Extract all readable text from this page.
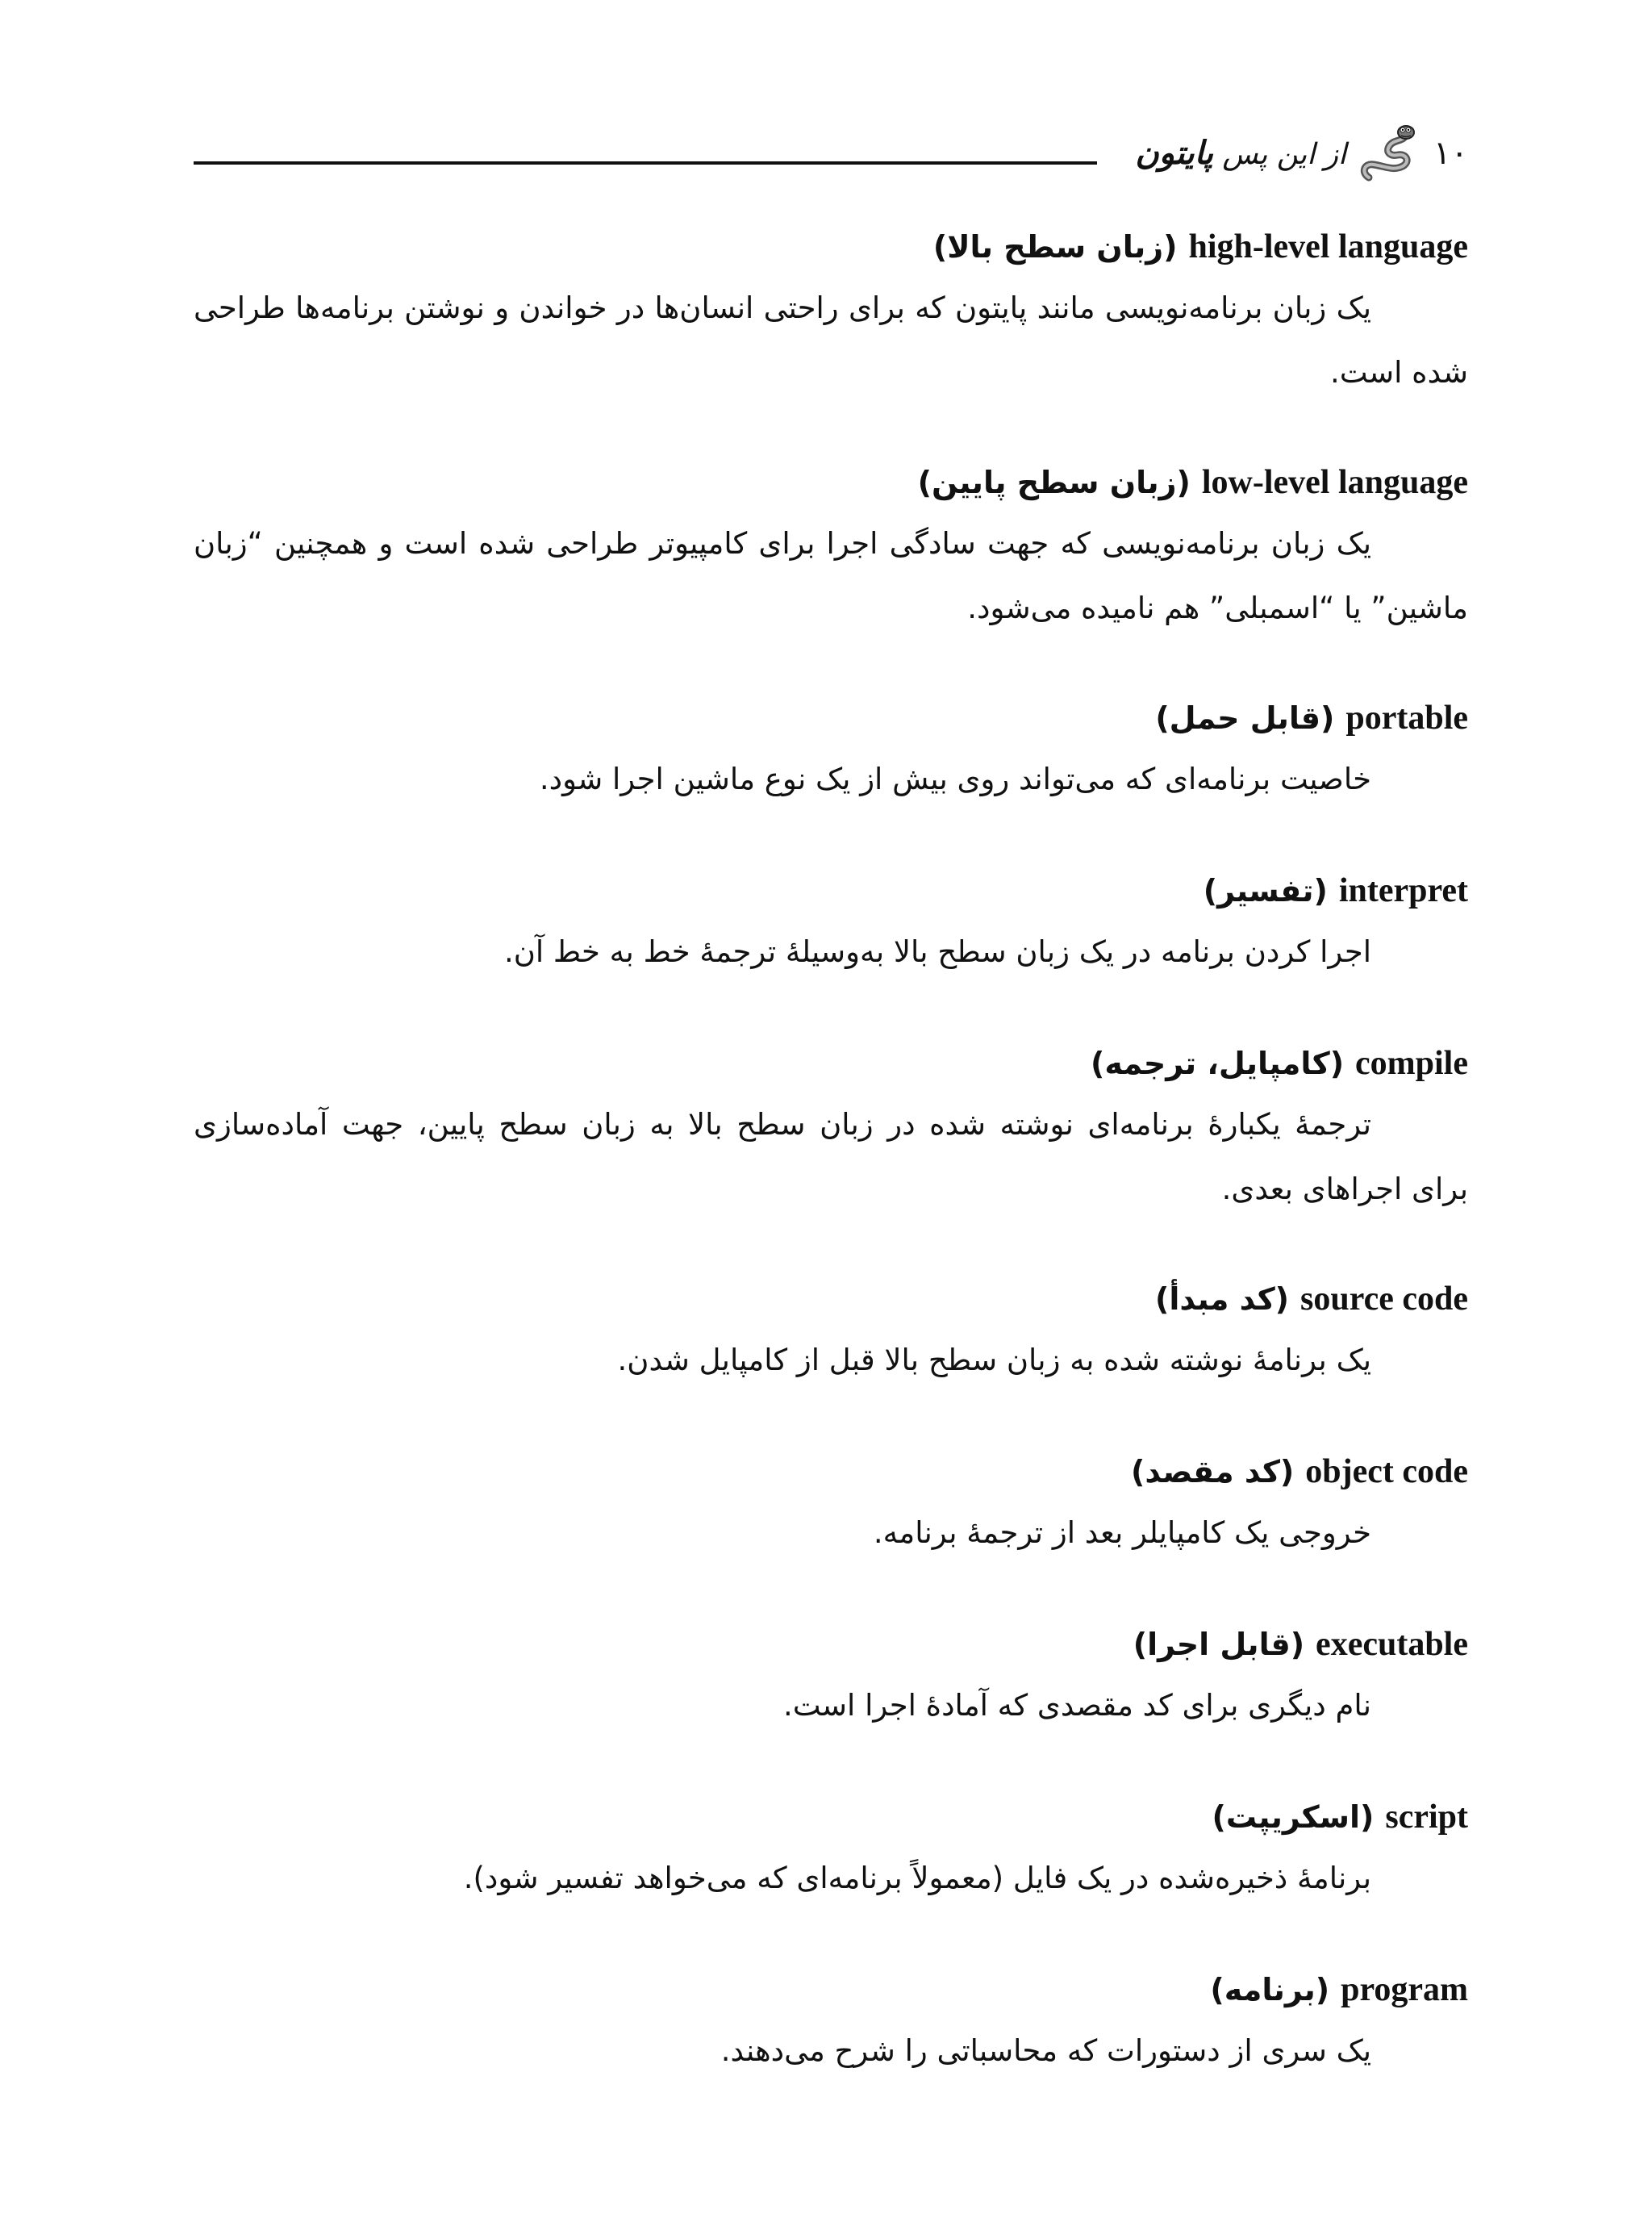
۱۰
از این پس پایتون

high-level language (زبان سطح بالا)

یک زبان برنامه‌نویسی مانند پایتون که برای راحتی انسان‌ها در خواندن و نوشتن برنامه‌ها طراحی شده است.

low-level language (زبان سطح پایین)

یک زبان برنامه‌نویسی که جهت سادگی اجرا برای کامپیوتر طراحی شده است و همچنین “زبان ماشین” یا “اسمبلی” هم نامیده می‌شود.

portable (قابل حمل)

خاصیت برنامه‌ای که می‌تواند روی بیش از یک نوع ماشین اجرا شود.

interpret (تفسیر)

اجرا کردن برنامه در یک زبان سطح بالا به‌وسیلهٔ ترجمهٔ خط به خط آن.

compile (کامپایل، ترجمه)

ترجمهٔ یکبارهٔ برنامه‌ای نوشته شده در زبان سطح بالا به زبان سطح پایین، جهت آماده‌سازی برای اجراهای بعدی.

source code (کد مبدأ)

یک برنامهٔ نوشته شده به زبان سطح بالا قبل از کامپایل شدن.

object code (کد مقصد)

خروجی یک کامپایلر بعد از ترجمهٔ برنامه.

executable (قابل اجرا)

نام دیگری برای کد مقصدی که آمادهٔ اجرا است.

script (اسکریپت)

برنامهٔ ذخیره‌شده در یک فایل (معمولاً برنامه‌ای که می‌خواهد تفسیر شود).

program (برنامه)

یک سری از دستورات که محاسباتی را شرح می‌دهند.
